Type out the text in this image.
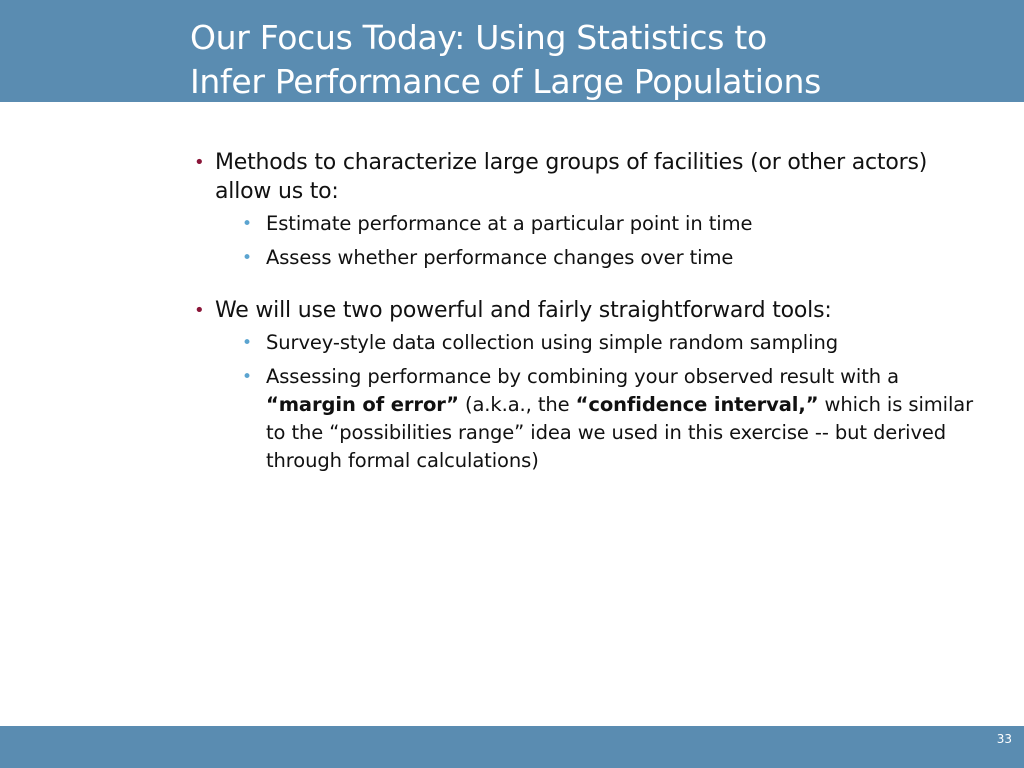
Our Focus Today: Using Statistics to
Infer Performance of Large Populations
• Methods to characterize large groups of facilities (or other actors) allow us to:
• Estimate performance at a particular point in time
• Assess whether performance changes over time
• We will use two powerful and fairly straightforward tools:
• Survey-style data collection using simple random sampling
• Assessing performance by combining your observed result with a “margin of error” (a.k.a., the “confidence interval,” which is similar to the “possibilities range” idea we used in this exercise -- but derived through formal calculations)
33
